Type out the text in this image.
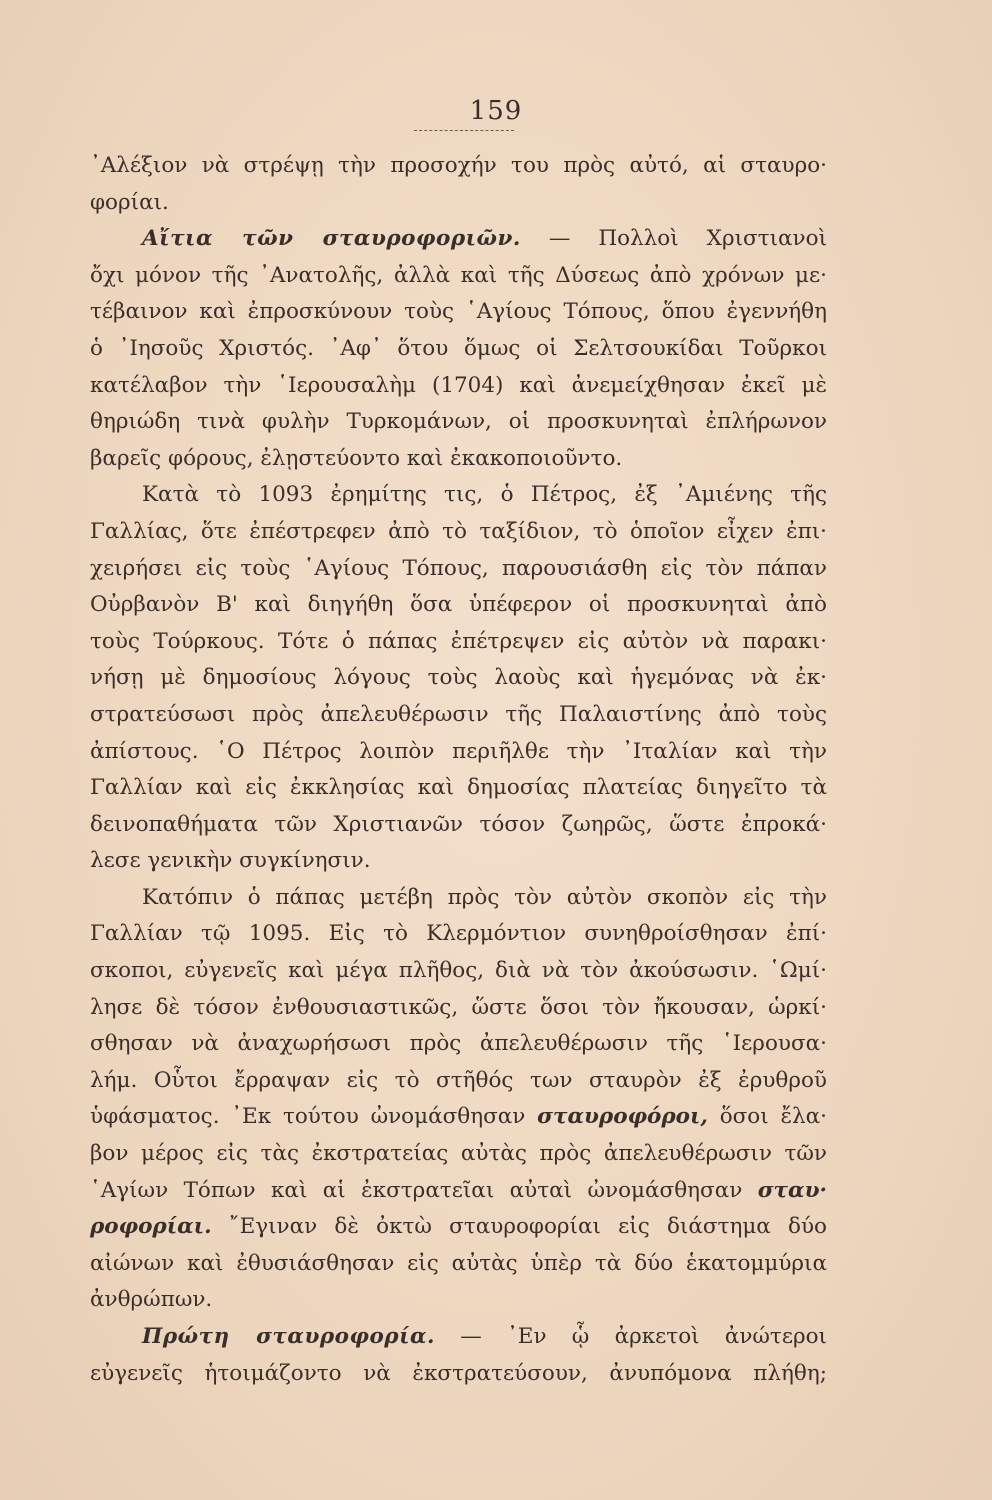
159
᾿Αλέξιον νὰ στρέψῃ τὴν προσοχήν του πρὸς αὐτό, αἱ σταυρο·
φορίαι.
Αἴτια τῶν σταυροφοριῶν. — Πολλοὶ Χριστιανοὶ
ὄχι μόνον τῆς ᾿Ανατολῆς, ἀλλὰ καὶ τῆς Δύσεως ἀπὸ χρόνων με·
τέβαινον καὶ ἐπροσκύνουν τοὺς ῾Αγίους Τόπους, ὅπου ἐγεννήθη
ὁ ᾿Ιησοῦς Χριστός. ᾿Αφ᾿ ὅτου ὅμως οἱ Σελτσουκίδαι Τοῦρκοι
κατέλαβον τὴν ῾Ιερουσαλὴμ (1704) καὶ ἀνεμείχθησαν ἐκεῖ μὲ
θηριώδη τινὰ φυλὴν Τυρκομάνων, οἱ προσκυνηταὶ ἐπλήρωνον
βαρεῖς φόρους, ἐλῃστεύοντο καὶ ἐκακοποιοῦντο.
Κατὰ τὸ 1093 ἐρημίτης τις, ὁ Πέτρος, ἐξ ᾿Αμιένης τῆς
Γαλλίας, ὅτε ἐπέστρεφεν ἀπὸ τὸ ταξίδιον, τὸ ὁποῖον εἶχεν ἐπι·
χειρήσει εἰς τοὺς ῾Αγίους Τόπους, παρουσιάσθη εἰς τὸν πάπαν
Οὐρβανὸν Β' καὶ διηγήθη ὅσα ὑπέφερον οἱ προσκυνηταὶ ἀπὸ
τοὺς Τούρκους. Τότε ὁ πάπας ἐπέτρεψεν εἰς αὐτὸν νὰ παρακι·
νήσῃ μὲ δημοσίους λόγους τοὺς λαοὺς καὶ ἡγεμόνας νὰ ἐκ·
στρατεύσωσι πρὸς ἀπελευθέρωσιν τῆς Παλαιστίνης ἀπὸ τοὺς
ἀπίστους. ῾Ο Πέτρος λοιπὸν περιῆλθε τὴν ᾿Ιταλίαν καὶ τὴν
Γαλλίαν καὶ εἰς ἐκκλησίας καὶ δημοσίας πλατείας διηγεῖτο τὰ
δεινοπαθήματα τῶν Χριστιανῶν τόσον ζωηρῶς, ὥστε ἐπροκά·
λεσε γενικὴν συγκίνησιν.
Κατόπιν ὁ πάπας μετέβη πρὸς τὸν αὐτὸν σκοπὸν εἰς τὴν
Γαλλίαν τῷ 1095. Εἰς τὸ Κλερμόντιον συνηθροίσθησαν ἐπί·
σκοποι, εὐγενεῖς καὶ μέγα πλῆθος, διὰ νὰ τὸν ἀκούσωσιν. ῾Ωμί·
λησε δὲ τόσον ἐνθουσιαστικῶς, ὥστε ὅσοι τὸν ἤκουσαν, ὡρκί·
σθησαν νὰ ἀναχωρήσωσι πρὸς ἀπελευθέρωσιν τῆς ῾Ιερουσα·
λήμ. Οὗτοι ἔρραψαν εἰς τὸ στῆθός των σταυρὸν ἐξ ἐρυθροῦ
ὑφάσματος. ᾿Εκ τούτου ὠνομάσθησαν σταυροφόροι, ὅσοι ἔλα·
βον μέρος εἰς τὰς ἐκστρατείας αὐτὰς πρὸς ἀπελευθέρωσιν τῶν
῾Αγίων Τόπων καὶ αἱ ἐκστρατεῖαι αὐταὶ ὠνομάσθησαν σταυ·
ροφορίαι. ῎Εγιναν δὲ ὀκτὼ σταυροφορίαι εἰς διάστημα δύο
αἰώνων καὶ ἐθυσιάσθησαν εἰς αὐτὰς ὑπὲρ τὰ δύο ἑκατομμύρια
ἀνθρώπων.
Πρώτη σταυροφορία. — ᾿Εν ᾧ ἀρκετοὶ ἀνώτεροι
εὐγενεῖς ἡτοιμάζοντο νὰ ἐκστρατεύσουν, ἀνυπόμονα πλήθη;
